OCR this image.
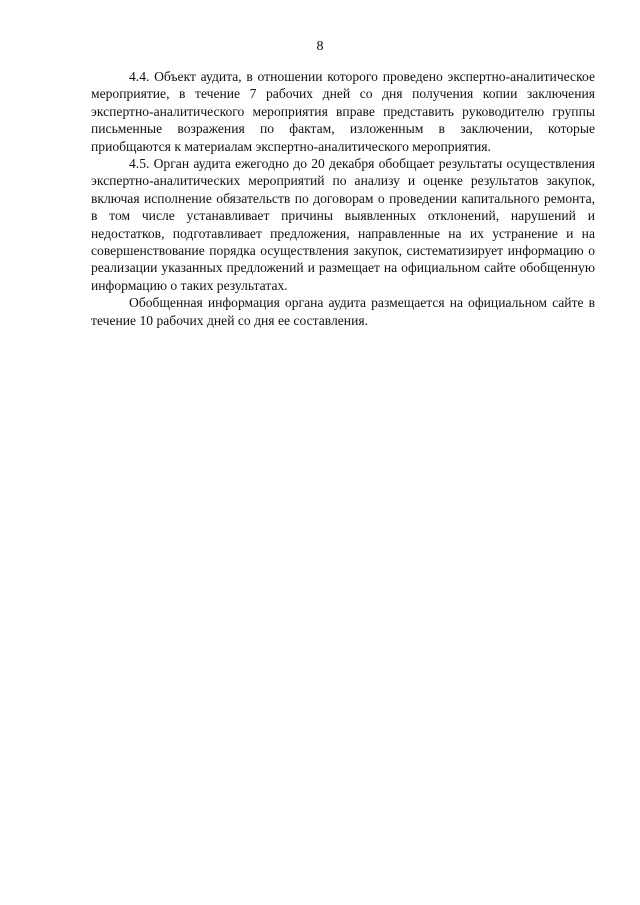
8

4.4. Объект аудита, в отношении которого проведено экспертно-аналитическое мероприятие, в течение 7 рабочих дней со дня получения копии заключения экспертно-аналитического мероприятия вправе представить руководителю группы письменные возражения по фактам, изложенным в заключении, которые приобщаются к материалам экспертно-аналитического мероприятия.

4.5. Орган аудита ежегодно до 20 декабря обобщает результаты осуществления экспертно-аналитических мероприятий по анализу и оценке результатов закупок, включая исполнение обязательств по договорам о проведении капитального ремонта, в том числе устанавливает причины выявленных отклонений, нарушений и недостатков, подготавливает предложения, направленные на их устранение и на совершенствование порядка осуществления закупок, систематизирует информацию о реализации указанных предложений и размещает на официальном сайте обобщенную информацию о таких результатах.

Обобщенная информация органа аудита размещается на официальном сайте в течение 10 рабочих дней со дня ее составления.
